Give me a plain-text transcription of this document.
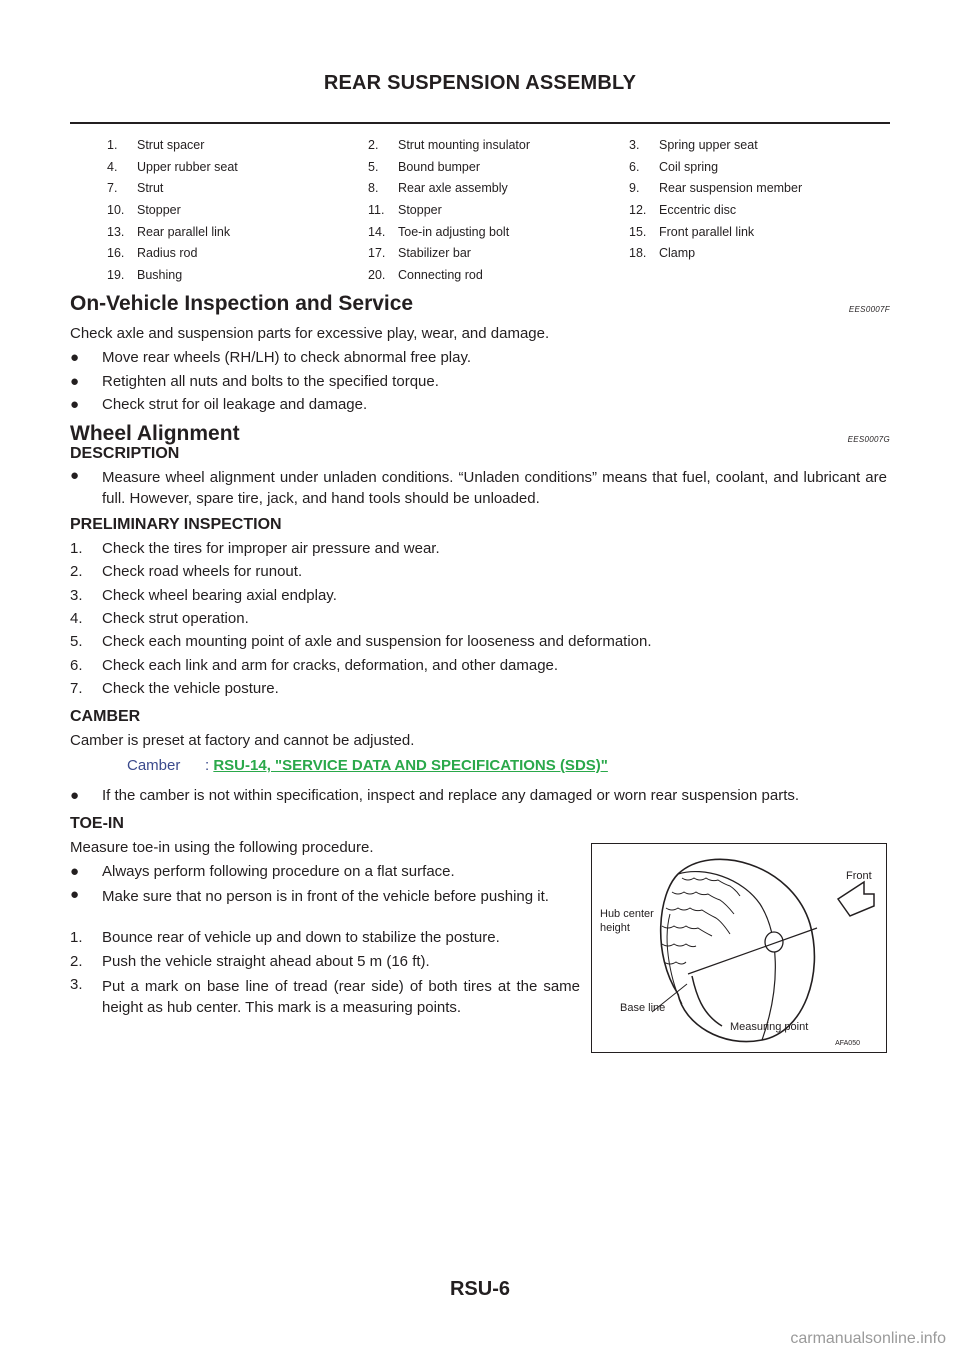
REAR SUSPENSION ASSEMBLY
1.	Strut spacer	2.	Strut mounting insulator	3.	Spring upper seat
4.	Upper rubber seat	5.	Bound bumper	6.	Coil spring
7.	Strut	8.	Rear axle assembly	9.	Rear suspension member
10.	Stopper	11.	Stopper	12.	Eccentric disc
13.	Rear parallel link	14.	Toe-in adjusting bolt	15.	Front parallel link
16.	Radius rod	17.	Stabilizer bar	18.	Clamp
19.	Bushing	20.	Connecting rod
On-Vehicle Inspection and Service	EES0007F
Check axle and suspension parts for excessive play, wear, and damage.
●	Move rear wheels (RH/LH) to check abnormal free play.
●	Retighten all nuts and bolts to the specified torque.
●	Check strut for oil leakage and damage.
Wheel Alignment	EES0007G
DESCRIPTION
●	Measure wheel alignment under unladen conditions. “Unladen conditions” means that fuel, coolant, and lubricant are full. However, spare tire, jack, and hand tools should be unloaded.
PRELIMINARY INSPECTION
1.	Check the tires for improper air pressure and wear.
2.	Check road wheels for runout.
3.	Check wheel bearing axial endplay.
4.	Check strut operation.
5.	Check each mounting point of axle and suspension for looseness and deformation.
6.	Check each link and arm for cracks, deformation, and other damage.
7.	Check the vehicle posture.
CAMBER
Camber is preset at factory and cannot be adjusted.
Camber : RSU-14, "SERVICE DATA AND SPECIFICATIONS (SDS)"
●	If the camber is not within specification, inspect and replace any damaged or worn rear suspension parts.
TOE-IN
Measure toe-in using the following procedure.
●	Always perform following procedure on a flat surface.
●	Make sure that no person is in front of the vehicle before pushing it.
1.	Bounce rear of vehicle up and down to stabilize the posture.
2.	Push the vehicle straight ahead about 5 m (16 ft).
3.	Put a mark on base line of tread (rear side) of both tires at the same height as hub center. This mark is a measuring points.
Front
Hub center
height
Base line
Measuring point
AFA050
RSU-6
carmanualsonline.info
